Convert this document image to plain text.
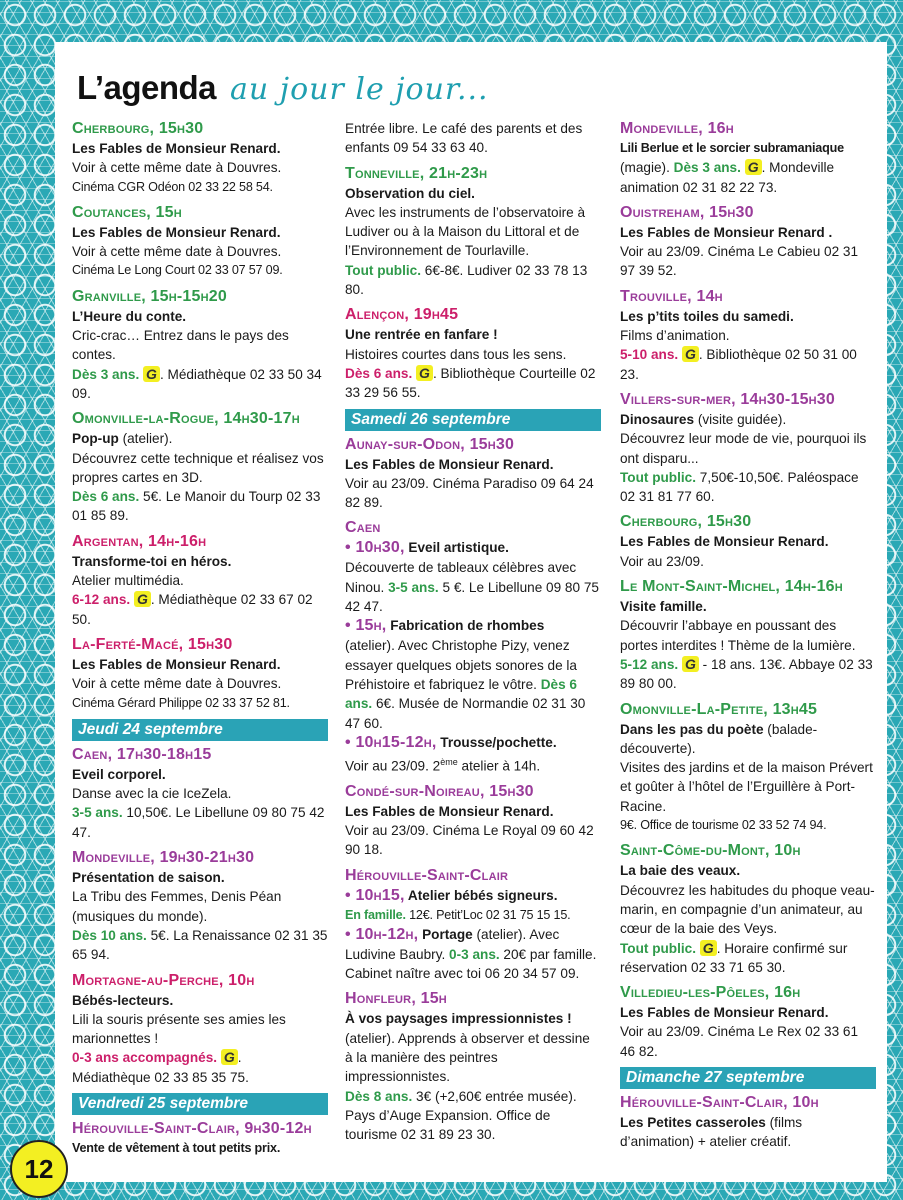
L’agenda au jour le jour...
Cherbourg, 15h30
Les Fables de Monsieur Renard.
Voir à cette même date à Douvres.
Cinéma CGR Odéon 02 33 22 58 54.
Coutances, 15h
Les Fables de Monsieur Renard.
Voir à cette même date à Douvres.
Cinéma Le Long Court 02 33 07 57 09.
Granville, 15h-15h20
L’Heure du conte.
Cric-crac… Entrez dans le pays des contes.
Dès 3 ans. G . Médiathèque 02 33 50 34 09.
Omonville-la-Rogue, 14h30-17h
Pop-up (atelier).
Découvrez cette technique et réalisez vos propres cartes en 3D.
Dès 6 ans. 5€. Le Manoir du Tourp 02 33 01 85 89.
Argentan, 14h-16h
Transforme-toi en héros.
Atelier multimédia.
6-12 ans. G . Médiathèque 02 33 67 02 50.
La-Ferté-Macé, 15h30
Les Fables de Monsieur Renard.
Voir à cette même date à Douvres.
Cinéma Gérard Philippe 02 33 37 52 81.
Jeudi 24 septembre
Caen, 17h30-18h15
Eveil corporel.
Danse avec la cie IceZela.
3-5 ans. 10,50€. Le Libellune 09 80 75 42 47.
Mondeville, 19h30-21h30
Présentation de saison.
La Tribu des Femmes, Denis Péan (musiques du monde).
Dès 10 ans. 5€. La Renaissance 02 31 35 65 94.
Mortagne-au-Perche, 10h
Bébés-lecteurs.
Lili la souris présente ses amies les marionnettes !
0-3 ans accompagnés. G .
Médiathèque 02 33 85 35 75.
Vendredi 25 septembre
Hérouville-Saint-Clair, 9h30-12h
Vente de vêtement à tout petits prix.
Entrée libre. Le café des parents et des enfants 09 54 33 63 40.
Tonneville, 21h-23h
Observation du ciel.
Avec les instruments de l’observatoire à Ludiver ou à la Maison du Littoral et de l’Environnement de Tourlaville.
Tout public. 6€-8€. Ludiver 02 33 78 13 80.
Alençon, 19h45
Une rentrée en fanfare !
Histoires courtes dans tous les sens.
Dès 6 ans. G . Bibliothèque Courteille 02 33 29 56 55.
Samedi 26 septembre
Aunay-sur-Odon, 15h30
Les Fables de Monsieur Renard.
Voir au 23/09. Cinéma Paradiso 09 64 24 82 89.
Caen
• 10h30, Eveil artistique.
Découverte de tableaux célèbres avec Ninou. 3-5 ans. 5 €. Le Libellune 09 80 75 42 47.
• 15h, Fabrication de rhombes
(atelier). Avec Christophe Pizy, venez essayer quelques objets sonores de la Préhistoire et fabriquez le vôtre. Dès 6 ans. 6€. Musée de Normandie 02 31 30 47 60.
• 10h15-12h, Trousse/pochette.
Voir au 23/09. 2ème atelier à 14h.
Condé-sur-Noireau, 15h30
Les Fables de Monsieur Renard.
Voir au 23/09. Cinéma Le Royal 09 60 42 90 18.
Hérouville-Saint-Clair
• 10h15, Atelier bébés signeurs.
En famille. 12€. Petit’Loc 02 31 75 15 15.
• 10h-12h, Portage (atelier). Avec Ludivine Baubry. 0-3 ans. 20€ par famille. Cabinet naître avec toi 06 20 34 57 09.
Honfleur, 15h
À vos paysages impressionnistes !
(atelier). Apprends à observer et dessine à la manière des peintres impressionnistes.
Dès 8 ans. 3€ (+2,60€ entrée musée). Pays d’Auge Expansion. Office de tourisme 02 31 89 23 30.
Mondeville, 16h
Lili Berlue et le sorcier subramaniaque
(magie). Dès 3 ans. G . Mondeville animation 02 31 82 22 73.
Ouistreham, 15h30
Les Fables de Monsieur Renard .
Voir au 23/09. Cinéma Le Cabieu 02 31 97 39 52.
Trouville, 14h
Les p’tits toiles du samedi.
Films d’animation.
5-10 ans. G . Bibliothèque 02 50 31 00 23.
Villers-sur-mer, 14h30-15h30
Dinosaures (visite guidée).
Découvrez leur mode de vie, pourquoi ils ont disparu...
Tout public. 7,50€-10,50€. Paléospace 02 31 81 77 60.
Cherbourg, 15h30
Les Fables de Monsieur Renard.
Voir au 23/09.
Le Mont-Saint-Michel, 14h-16h
Visite famille.
Découvrir l’abbaye en poussant des portes interdites ! Thème de la lumière.
5-12 ans. G - 18 ans. 13€. Abbaye 02 33 89 80 00.
Omonville-La-Petite, 13h45
Dans les pas du poète (balade-découverte).
Visites des jardins et de la maison Prévert et goûter à l’hôtel de l’Erguillère à Port-Racine.
9€. Office de tourisme 02 33 52 74 94.
Saint-Côme-du-Mont, 10h
La baie des veaux.
Découvrez les habitudes du phoque veau-marin, en compagnie d’un animateur, au cœur de la baie des Veys.
Tout public. G . Horaire confirmé sur réservation 02 33 71 65 30.
Villedieu-les-Pôeles, 16h
Les Fables de Monsieur Renard.
Voir au 23/09. Cinéma Le Rex 02 33 61 46 82.
Dimanche 27 septembre
Hérouville-Saint-Clair, 10h
Les Petites casseroles (films d’animation) + atelier créatif.
12
